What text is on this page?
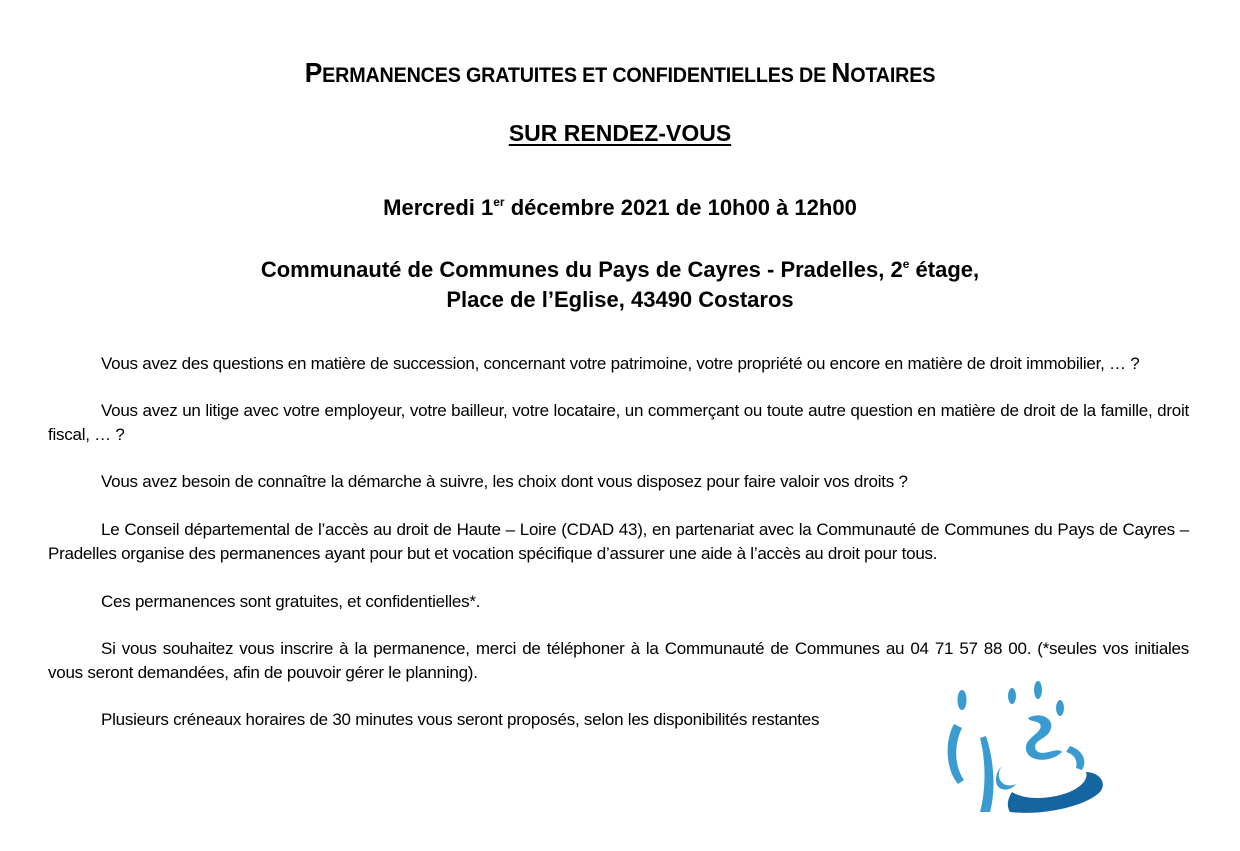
PERMANENCES GRATUITES ET CONFIDENTIELLES DE NOTAIRES

SUR RENDEZ-VOUS

Mercredi 1er décembre 2021 de 10h00 à 12h00

Communauté de Communes du Pays de Cayres - Pradelles, 2e étage,
Place de l’Eglise, 43490 Costaros

Vous avez des questions en matière de succession, concernant votre patrimoine, votre propriété ou encore en matière de droit immobilier, … ?

Vous avez un litige avec votre employeur, votre bailleur, votre locataire, un commerçant ou toute autre question en matière de droit de la famille, droit fiscal, … ?

Vous avez besoin de connaître la démarche à suivre, les choix dont vous disposez pour faire valoir vos droits ?

Le Conseil départemental de l’accès au droit de Haute – Loire (CDAD 43), en partenariat avec la Communauté de Communes du Pays de Cayres – Pradelles organise des permanences ayant pour but et vocation spécifique d’assurer une aide à l’accès au droit pour tous.

Ces permanences sont gratuites, et confidentielles*.

Si vous souhaitez vous inscrire à la permanence, merci de téléphoner à la Communauté de Communes au 04 71 57 88 00. (*seules vos initiales vous seront demandées, afin de pouvoir gérer le planning).

Plusieurs créneaux horaires de 30 minutes vous seront proposés, selon les disponibilités restantes
